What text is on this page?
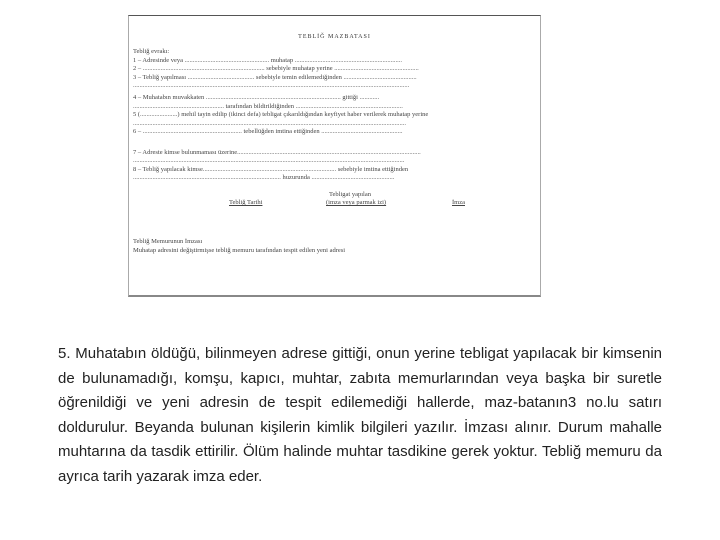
TEBLİĞ MAZBATASI
Tebliğ evrakı:
1 – Adresinde veya .................................................... muhatap ..................................................................
2 – ........................................................................... sebebiyle muhatap yerine ....................................................
3 – Tebliğ yapılması ......................................... sebebiyle temin edilemediğinden .............................................
..........................................................................................................................................................................
4 – Muhatabın muvakkaten ................................................................................... gittiği ............
........................................................ tarafından bildirildiğinden ..................................................................
5 (.......................) mehil tayin edilip (ikinci defa) tebligat çıkarıldığından keyfiyet haber verilerek muhatap yerine
........................................................................................................................................................................
6 – ............................................................. tebellüğden imtina ettiğinden ..................................................
7 – Adreste kimse bulunmaması üzerine.................................................................................................................
.......................................................................................................................................................................
8 – Tebliğ yapılacak kimse.................................................................................. sebebiyle imtina ettiğinden
........................................................................................... huzurunda ...................................................
Tebligat yapılan
Tebliğ Tarihi	(imza veya parmak izi)	İmza
Tebliğ Memurunun İmzası
Muhatap adresini değiştirmişse tebliğ memuru tarafından tespit edilen yeni adresi
5. Muhatabın öldüğü, bilinmeyen adrese gittiği, onun yerine tebligat yapılacak bir kimsenin de bulunamadığı, komşu, kapıcı, muhtar, zabıta memurlarından veya başka bir suretle öğrenildiği ve yeni adresin de tespit edilemediği hallerde, maz-batanın3 no.lu satırı doldurulur. Beyanda bulunan kişilerin kimlik bilgileri yazılır. İmzası alınır. Durum mahalle muhtarına da tasdik ettirilir. Ölüm halinde muhtar tasdikine gerek yoktur. Tebliğ memuru da ayrıca tarih yazarak imza eder.
